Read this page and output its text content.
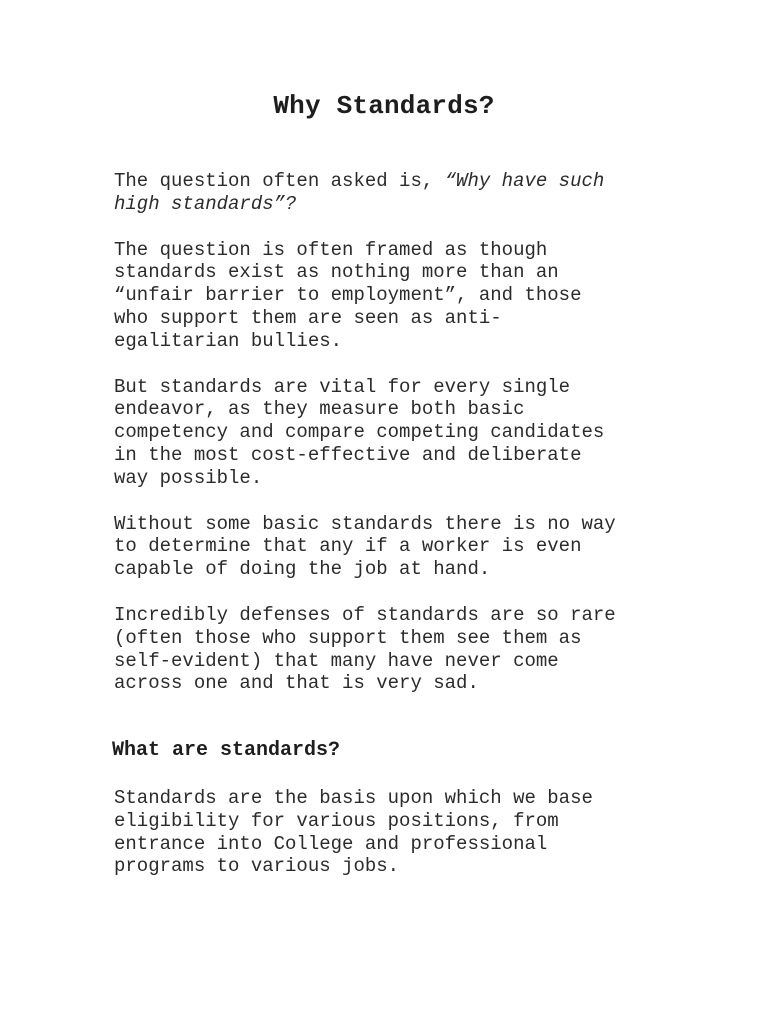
Why Standards?

The question often asked is, “Why have such
high standards”?

The question is often framed as though
standards exist as nothing more than an
“unfair barrier to employment”, and those
who support them are seen as anti-
egalitarian bullies.

But standards are vital for every single
endeavor, as they measure both basic
competency and compare competing candidates
in the most cost-effective and deliberate
way possible.

Without some basic standards there is no way
to determine that any if a worker is even
capable of doing the job at hand.

Incredibly defenses of standards are so rare
(often those who support them see them as
self-evident) that many have never come
across one and that is very sad.

What are standards?

Standards are the basis upon which we base
eligibility for various positions, from
entrance into College and professional
programs to various jobs.
